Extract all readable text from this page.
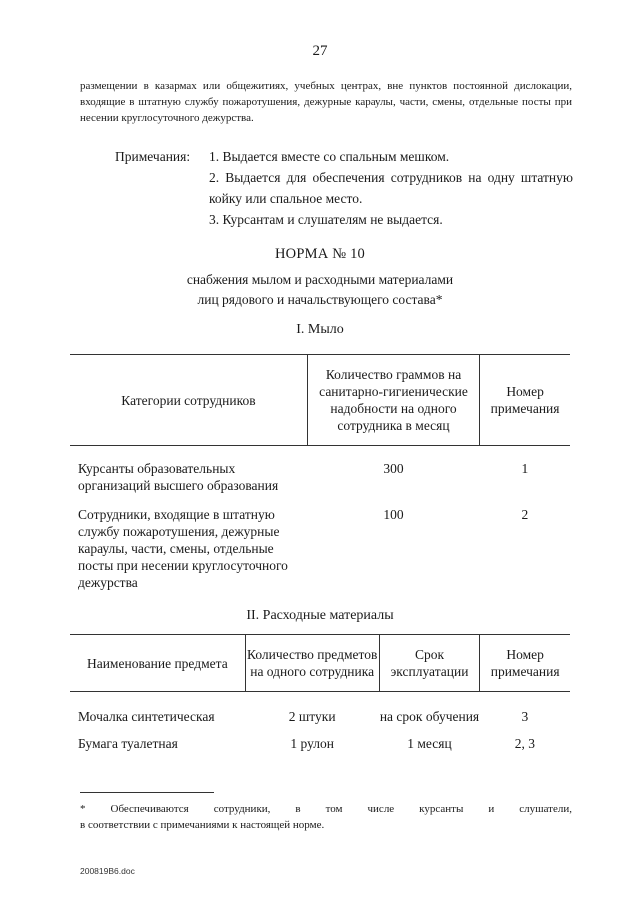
27
размещении в казармах или общежитиях, учебных центрах, вне пунктов постоянной дислокации, входящие в штатную службу пожаротушения, дежурные караулы, части, смены, отдельные посты при несении круглосуточного дежурства.
Примечания:	1. Выдается вместе со спальным мешком.
2. Выдается для обеспечения сотрудников на одну штатную койку или спальное место.
3. Курсантам и слушателям не выдается.
НОРМА № 10
снабжения мылом и расходными материалами
лиц рядового и начальствующего состава*
I. Мыло
Категории сотрудников	Количество граммов на санитарно-гигиенические надобности на одного сотрудника в месяц	Номер примечания
Курсанты образовательных организаций высшего образования	300	1
Сотрудники, входящие в штатную службу пожаротушения, дежурные караулы, части, смены, отдельные посты при несении круглосуточного дежурства	100	2
II. Расходные материалы
Наименование предмета	Количество предметов на одного сотрудника	Срок эксплуатации	Номер примечания
Мочалка синтетическая	2 штуки	на срок обучения	3
Бумага туалетная	1 рулон	1 месяц	2, 3
* Обеспечиваются сотрудники, в том числе курсанты и слушатели,
в соответствии с примечаниями к настоящей норме.
200819В6.doc
